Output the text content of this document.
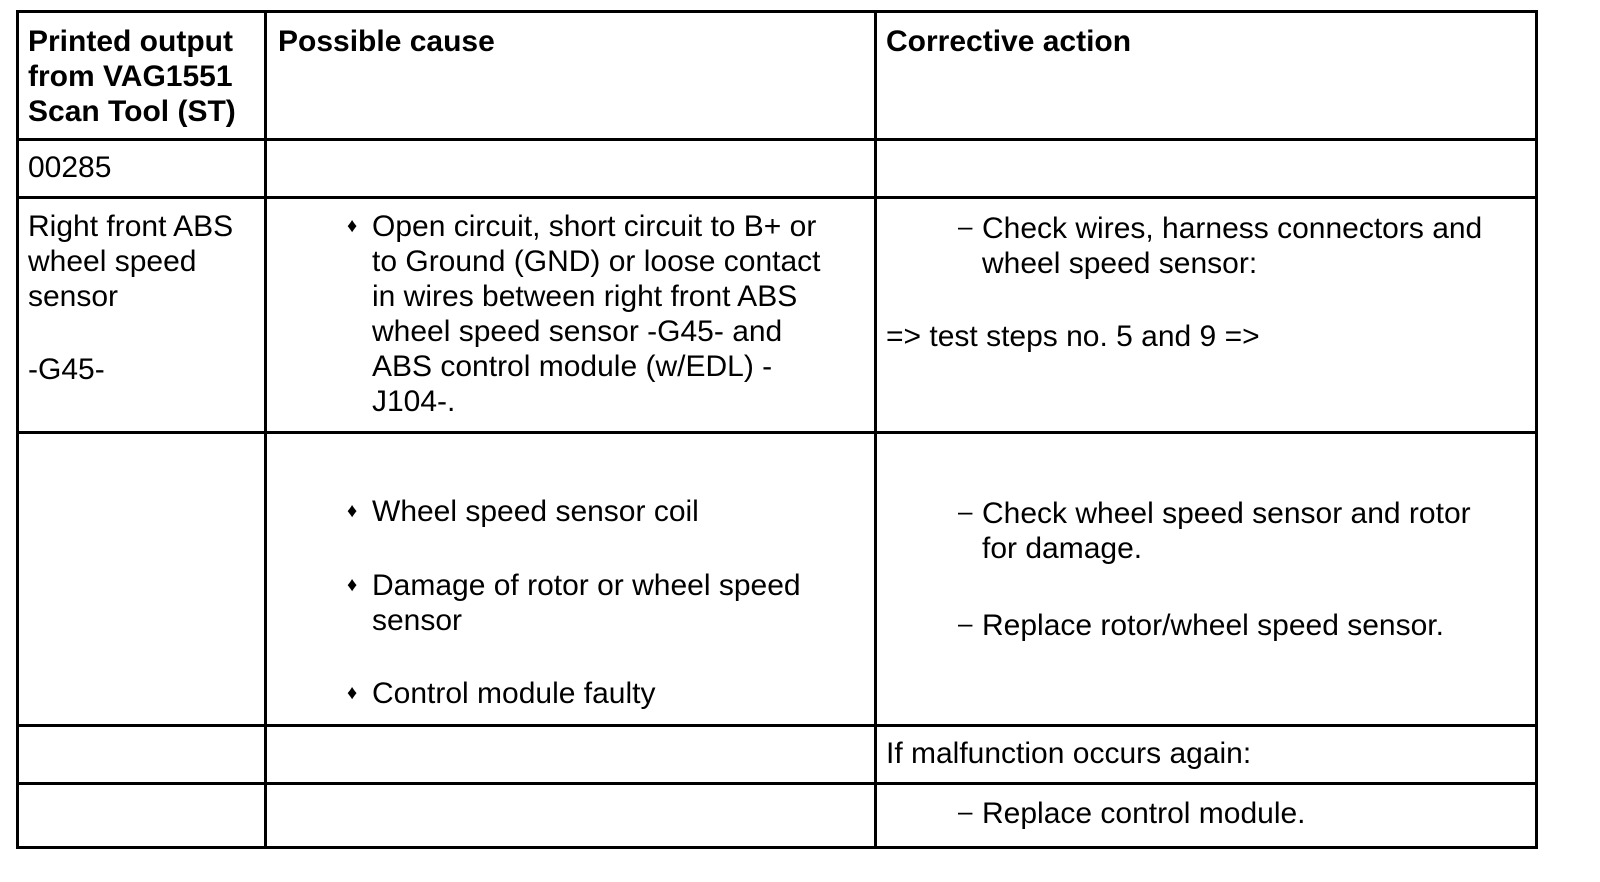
Printed output
from VAG1551
Scan Tool (ST)
Possible cause	Corrective action
00285
Right front ABS
wheel speed
sensor
-G45-
♦ Open circuit, short circuit to B+ or
to Ground (GND) or loose contact
in wires between right front ABS
wheel speed sensor -G45- and
ABS control module (w/EDL) -
J104-.
– Check wires, harness connectors and
wheel speed sensor:
=> test steps no. 5 and 9 =>
♦ Wheel speed sensor coil
♦ Damage of rotor or wheel speed
sensor
♦ Control module faulty
– Check wheel speed sensor and rotor
for damage.
– Replace rotor/wheel speed sensor.
If malfunction occurs again:
– Replace control module.
